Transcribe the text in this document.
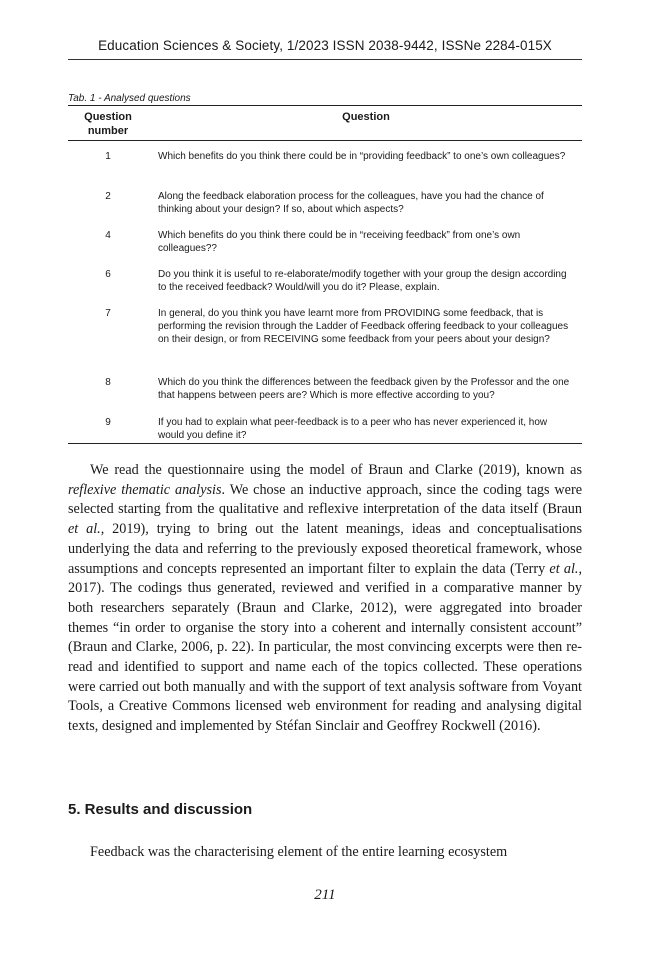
Education Sciences & Society, 1/2023 ISSN 2038-9442, ISSNe 2284-015X
Tab. 1 - Analysed questions
Question number
Question
1	Which benefits do you think there could be in “providing feedback” to one’s own colleagues?
2	Along the feedback elaboration process for the colleagues, have you had the chance of thinking about your design? If so, about which aspects?
4	Which benefits do you think there could be in “receiving feedback” from one’s own colleagues??
6	Do you think it is useful to re-elaborate/modify together with your group the design according to the received feedback? Would/will you do it? Please, explain.
7	In general, do you think you have learnt more from PROVIDING some feedback, that is performing the revision through the Ladder of Feedback offering feedback to your colleagues on their design, or from RECEIVING some feedback from your peers about your design?
8	Which do you think the differences between the feedback given by the Professor and the one that happens between peers are? Which is more effective according to you?
9	If you had to explain what peer-feedback is to a peer who has never experienced it, how would you define it?

We read the questionnaire using the model of Braun and Clarke (2019), known as reflexive thematic analysis. We chose an inductive approach, since the coding tags were selected starting from the qualitative and reflexive interpretation of the data itself (Braun et al., 2019), trying to bring out the latent meanings, ideas and conceptualisations underlying the data and referring to the previously exposed theoretical framework, whose assumptions and concepts represented an important filter to explain the data (Terry et al., 2017). The codings thus generated, reviewed and verified in a comparative manner by both researchers separately (Braun and Clarke, 2012), were aggregated into broader themes “in order to organise the story into a coherent and internally consistent account” (Braun and Clarke, 2006, p. 22). In particular, the most convincing excerpts were then re-read and identified to support and name each of the topics collected. These operations were carried out both manually and with the support of text analysis software from Voyant Tools, a Creative Commons licensed web environment for reading and analysing digital texts, designed and implemented by Stéfan Sinclair and Geoffrey Rockwell (2016).

5. Results and discussion

Feedback was the characterising element of the entire learning ecosystem

211
